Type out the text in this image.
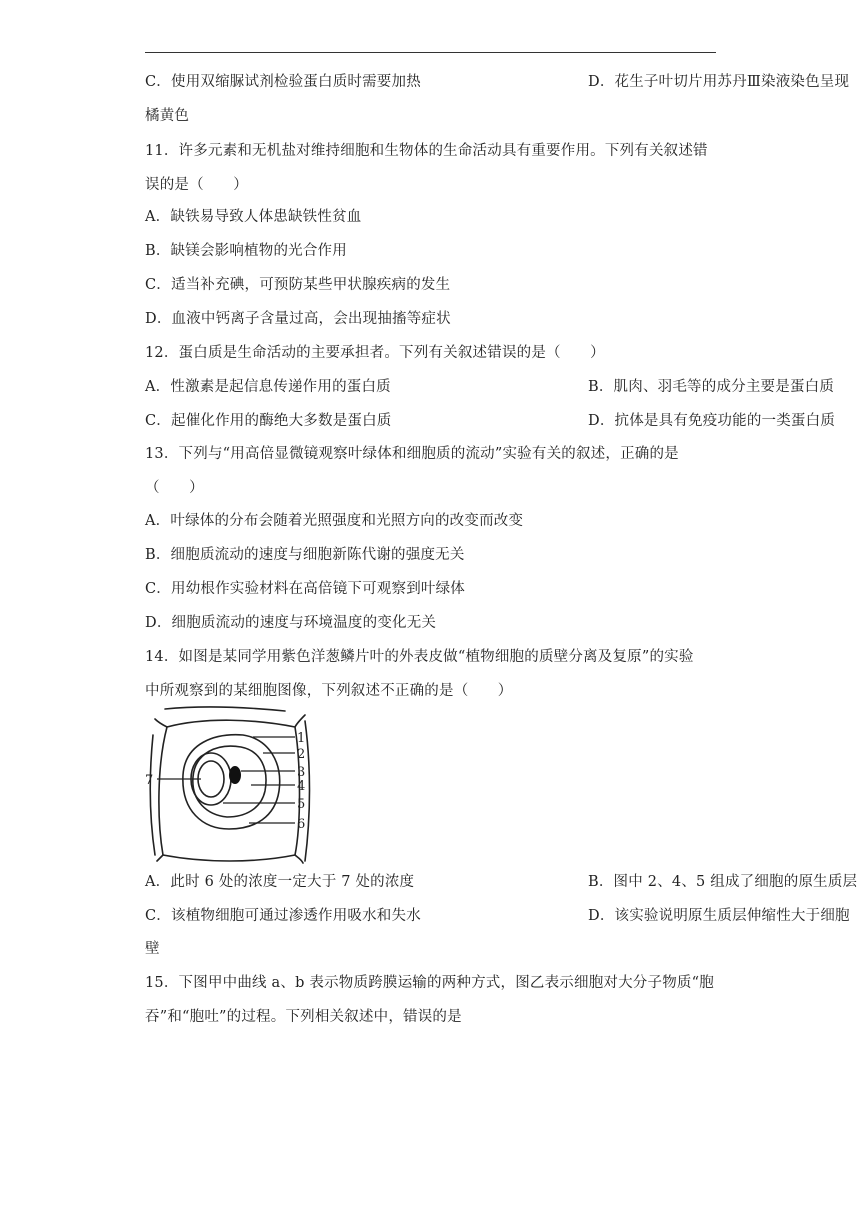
C．使用双缩脲试剂检验蛋白质时需要加热	D．花生子叶切片用苏丹Ⅲ染液染色呈现
橘黄色
11．许多元素和无机盐对维持细胞和生物体的生命活动具有重要作用。下列有关叙述错
误的是（　　）
A．缺铁易导致人体患缺铁性贫血
B．缺镁会影响植物的光合作用
C．适当补充碘，可预防某些甲状腺疾病的发生
D．血液中钙离子含量过高，会出现抽搐等症状
12．蛋白质是生命活动的主要承担者。下列有关叙述错误的是（　　）
A．性激素是起信息传递作用的蛋白质	B．肌肉、羽毛等的成分主要是蛋白质
C．起催化作用的酶绝大多数是蛋白质	D．抗体是具有免疫功能的一类蛋白质
13．下列与“用高倍显微镜观察叶绿体和细胞质的流动”实验有关的叙述，正确的是
（　　）
A．叶绿体的分布会随着光照强度和光照方向的改变而改变
B．细胞质流动的速度与细胞新陈代谢的强度无关
C．用幼根作实验材料在高倍镜下可观察到叶绿体
D．细胞质流动的速度与环境温度的变化无关
14．如图是某同学用紫色洋葱鳞片叶的外表皮做“植物细胞的质壁分离及复原”的实验
中所观察到的某细胞图像，下列叙述不正确的是（　　）
1
2
3
4
5
6
7
A．此时 6 处的浓度一定大于 7 处的浓度	B．图中 2、4、5 组成了细胞的原生质层
C．该植物细胞可通过渗透作用吸水和失水	D．该实验说明原生质层伸缩性大于细胞
壁
15．下图甲中曲线 a、b 表示物质跨膜运输的两种方式，图乙表示细胞对大分子物质“胞
吞”和“胞吐”的过程。下列相关叙述中，错误的是
